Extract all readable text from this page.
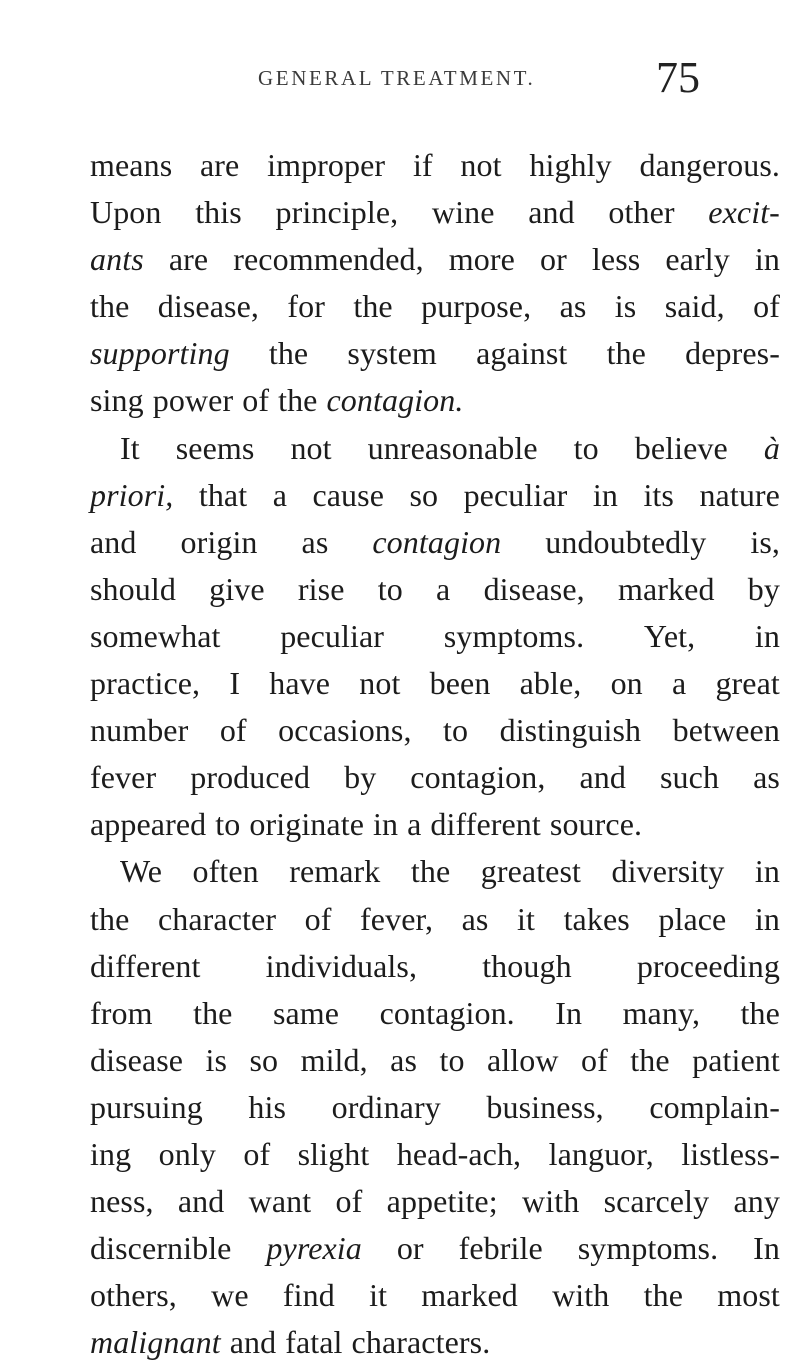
GENERAL TREATMENT.	75
means are improper if not highly dangerous.
Upon this principle, wine and other excit-
ants are recommended, more or less early in
the disease, for the purpose, as is said, of
supporting the system against the depres-
sing power of the contagion.
It seems not unreasonable to believe à
priori, that a cause so peculiar in its nature
and origin as contagion undoubtedly is,
should give rise to a disease, marked by
somewhat peculiar symptoms. Yet, in
practice, I have not been able, on a great
number of occasions, to distinguish between
fever produced by contagion, and such as
appeared to originate in a different source.
We often remark the greatest diversity in
the character of fever, as it takes place in
different individuals, though proceeding
from the same contagion. In many, the
disease is so mild, as to allow of the patient
pursuing his ordinary business, complain-
ing only of slight head-ach, languor, listless-
ness, and want of appetite; with scarcely any
discernible pyrexia or febrile symptoms. In
others, we find it marked with the most
malignant and fatal characters.
